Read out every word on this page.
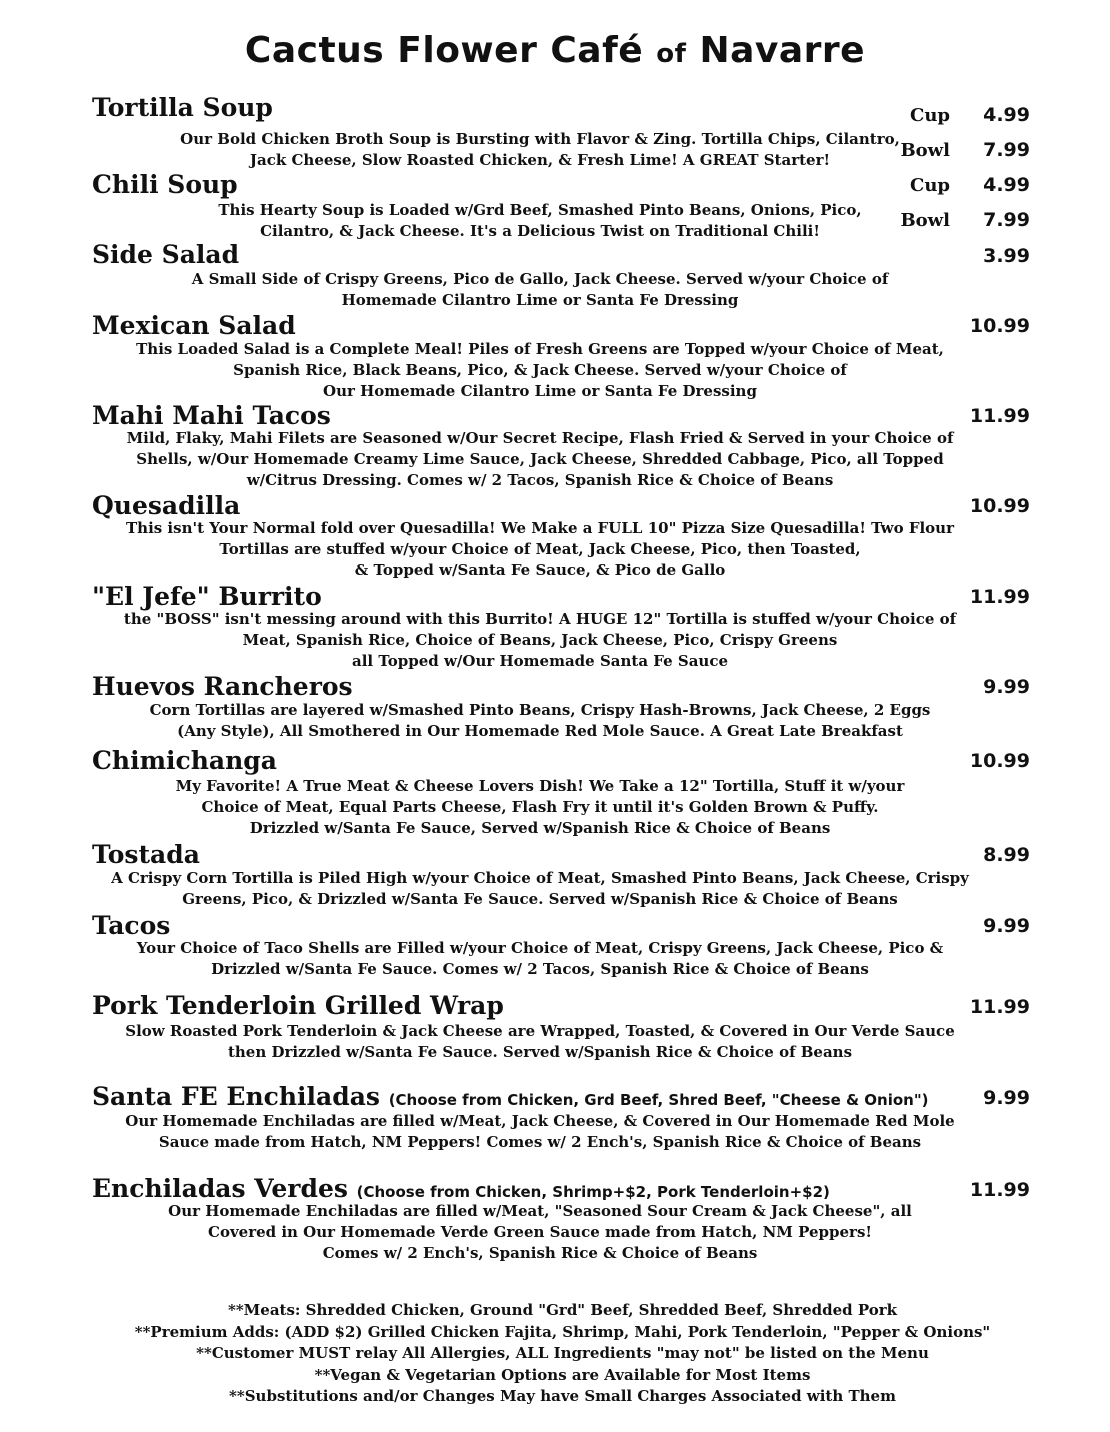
Cactus Flower Café of Navarre
Tortilla Soup
Our Bold Chicken Broth Soup is Bursting with Flavor & Zing. Tortilla Chips, Cilantro,
Jack Cheese, Slow Roasted Chicken, & Fresh Lime! A GREAT Starter!
Cup 4.99
Bowl 7.99
Chili Soup
This Hearty Soup is Loaded w/Grd Beef, Smashed Pinto Beans, Onions, Pico,
Cilantro, & Jack Cheese. It's a Delicious Twist on Traditional Chili!
Cup 4.99
Bowl 7.99
Side Salad
A Small Side of Crispy Greens, Pico de Gallo, Jack Cheese. Served w/your Choice of
Homemade Cilantro Lime or Santa Fe Dressing
3.99
Mexican Salad
This Loaded Salad is a Complete Meal! Piles of Fresh Greens are Topped w/your Choice of Meat,
Spanish Rice, Black Beans, Pico, & Jack Cheese. Served w/your Choice of
Our Homemade Cilantro Lime or Santa Fe Dressing
10.99
Mahi Mahi Tacos
Mild, Flaky, Mahi Filets are Seasoned w/Our Secret Recipe, Flash Fried & Served in your Choice of
Shells, w/Our Homemade Creamy Lime Sauce, Jack Cheese, Shredded Cabbage, Pico, all Topped
w/Citrus Dressing. Comes w/ 2 Tacos, Spanish Rice & Choice of Beans
11.99
Quesadilla
This isn't Your Normal fold over Quesadilla! We Make a FULL 10" Pizza Size Quesadilla! Two Flour
Tortillas are stuffed w/your Choice of Meat, Jack Cheese, Pico, then Toasted,
& Topped w/Santa Fe Sauce, & Pico de Gallo
10.99
"El Jefe" Burrito
the "BOSS" isn't messing around with this Burrito! A HUGE 12" Tortilla is stuffed w/your Choice of
Meat, Spanish Rice, Choice of Beans, Jack Cheese, Pico, Crispy Greens
all Topped w/Our Homemade Santa Fe Sauce
11.99
Huevos Rancheros
Corn Tortillas are layered w/Smashed Pinto Beans, Crispy Hash-Browns, Jack Cheese, 2 Eggs
(Any Style), All Smothered in Our Homemade Red Mole Sauce. A Great Late Breakfast
9.99
Chimichanga
My Favorite! A True Meat & Cheese Lovers Dish! We Take a 12" Tortilla, Stuff it w/your
Choice of Meat, Equal Parts Cheese, Flash Fry it until it's Golden Brown & Puffy.
Drizzled w/Santa Fe Sauce, Served w/Spanish Rice & Choice of Beans
10.99
Tostada
A Crispy Corn Tortilla is Piled High w/your Choice of Meat, Smashed Pinto Beans, Jack Cheese, Crispy
Greens, Pico, & Drizzled w/Santa Fe Sauce. Served w/Spanish Rice & Choice of Beans
8.99
Tacos
Your Choice of Taco Shells are Filled w/your Choice of Meat, Crispy Greens, Jack Cheese, Pico &
Drizzled w/Santa Fe Sauce. Comes w/ 2 Tacos, Spanish Rice & Choice of Beans
9.99
Pork Tenderloin Grilled Wrap
Slow Roasted Pork Tenderloin & Jack Cheese are Wrapped, Toasted, & Covered in Our Verde Sauce
then Drizzled w/Santa Fe Sauce. Served w/Spanish Rice & Choice of Beans
11.99
Santa FE Enchiladas (Choose from Chicken, Grd Beef, Shred Beef, "Cheese & Onion")
Our Homemade Enchiladas are filled w/Meat, Jack Cheese, & Covered in Our Homemade Red Mole
Sauce made from Hatch, NM Peppers! Comes w/ 2 Ench's, Spanish Rice & Choice of Beans
9.99
Enchiladas Verdes (Choose from Chicken, Shrimp+$2, Pork Tenderloin+$2)
Our Homemade Enchiladas are filled w/Meat, "Seasoned Sour Cream & Jack Cheese", all
Covered in Our Homemade Verde Green Sauce made from Hatch, NM Peppers!
Comes w/ 2 Ench's, Spanish Rice & Choice of Beans
11.99
**Meats: Shredded Chicken, Ground "Grd" Beef, Shredded Beef, Shredded Pork
**Premium Adds: (ADD $2) Grilled Chicken Fajita, Shrimp, Mahi, Pork Tenderloin, "Pepper & Onions"
**Customer MUST relay All Allergies, ALL Ingredients "may not" be listed on the Menu
**Vegan & Vegetarian Options are Available for Most Items
**Substitutions and/or Changes May have Small Charges Associated with Them
